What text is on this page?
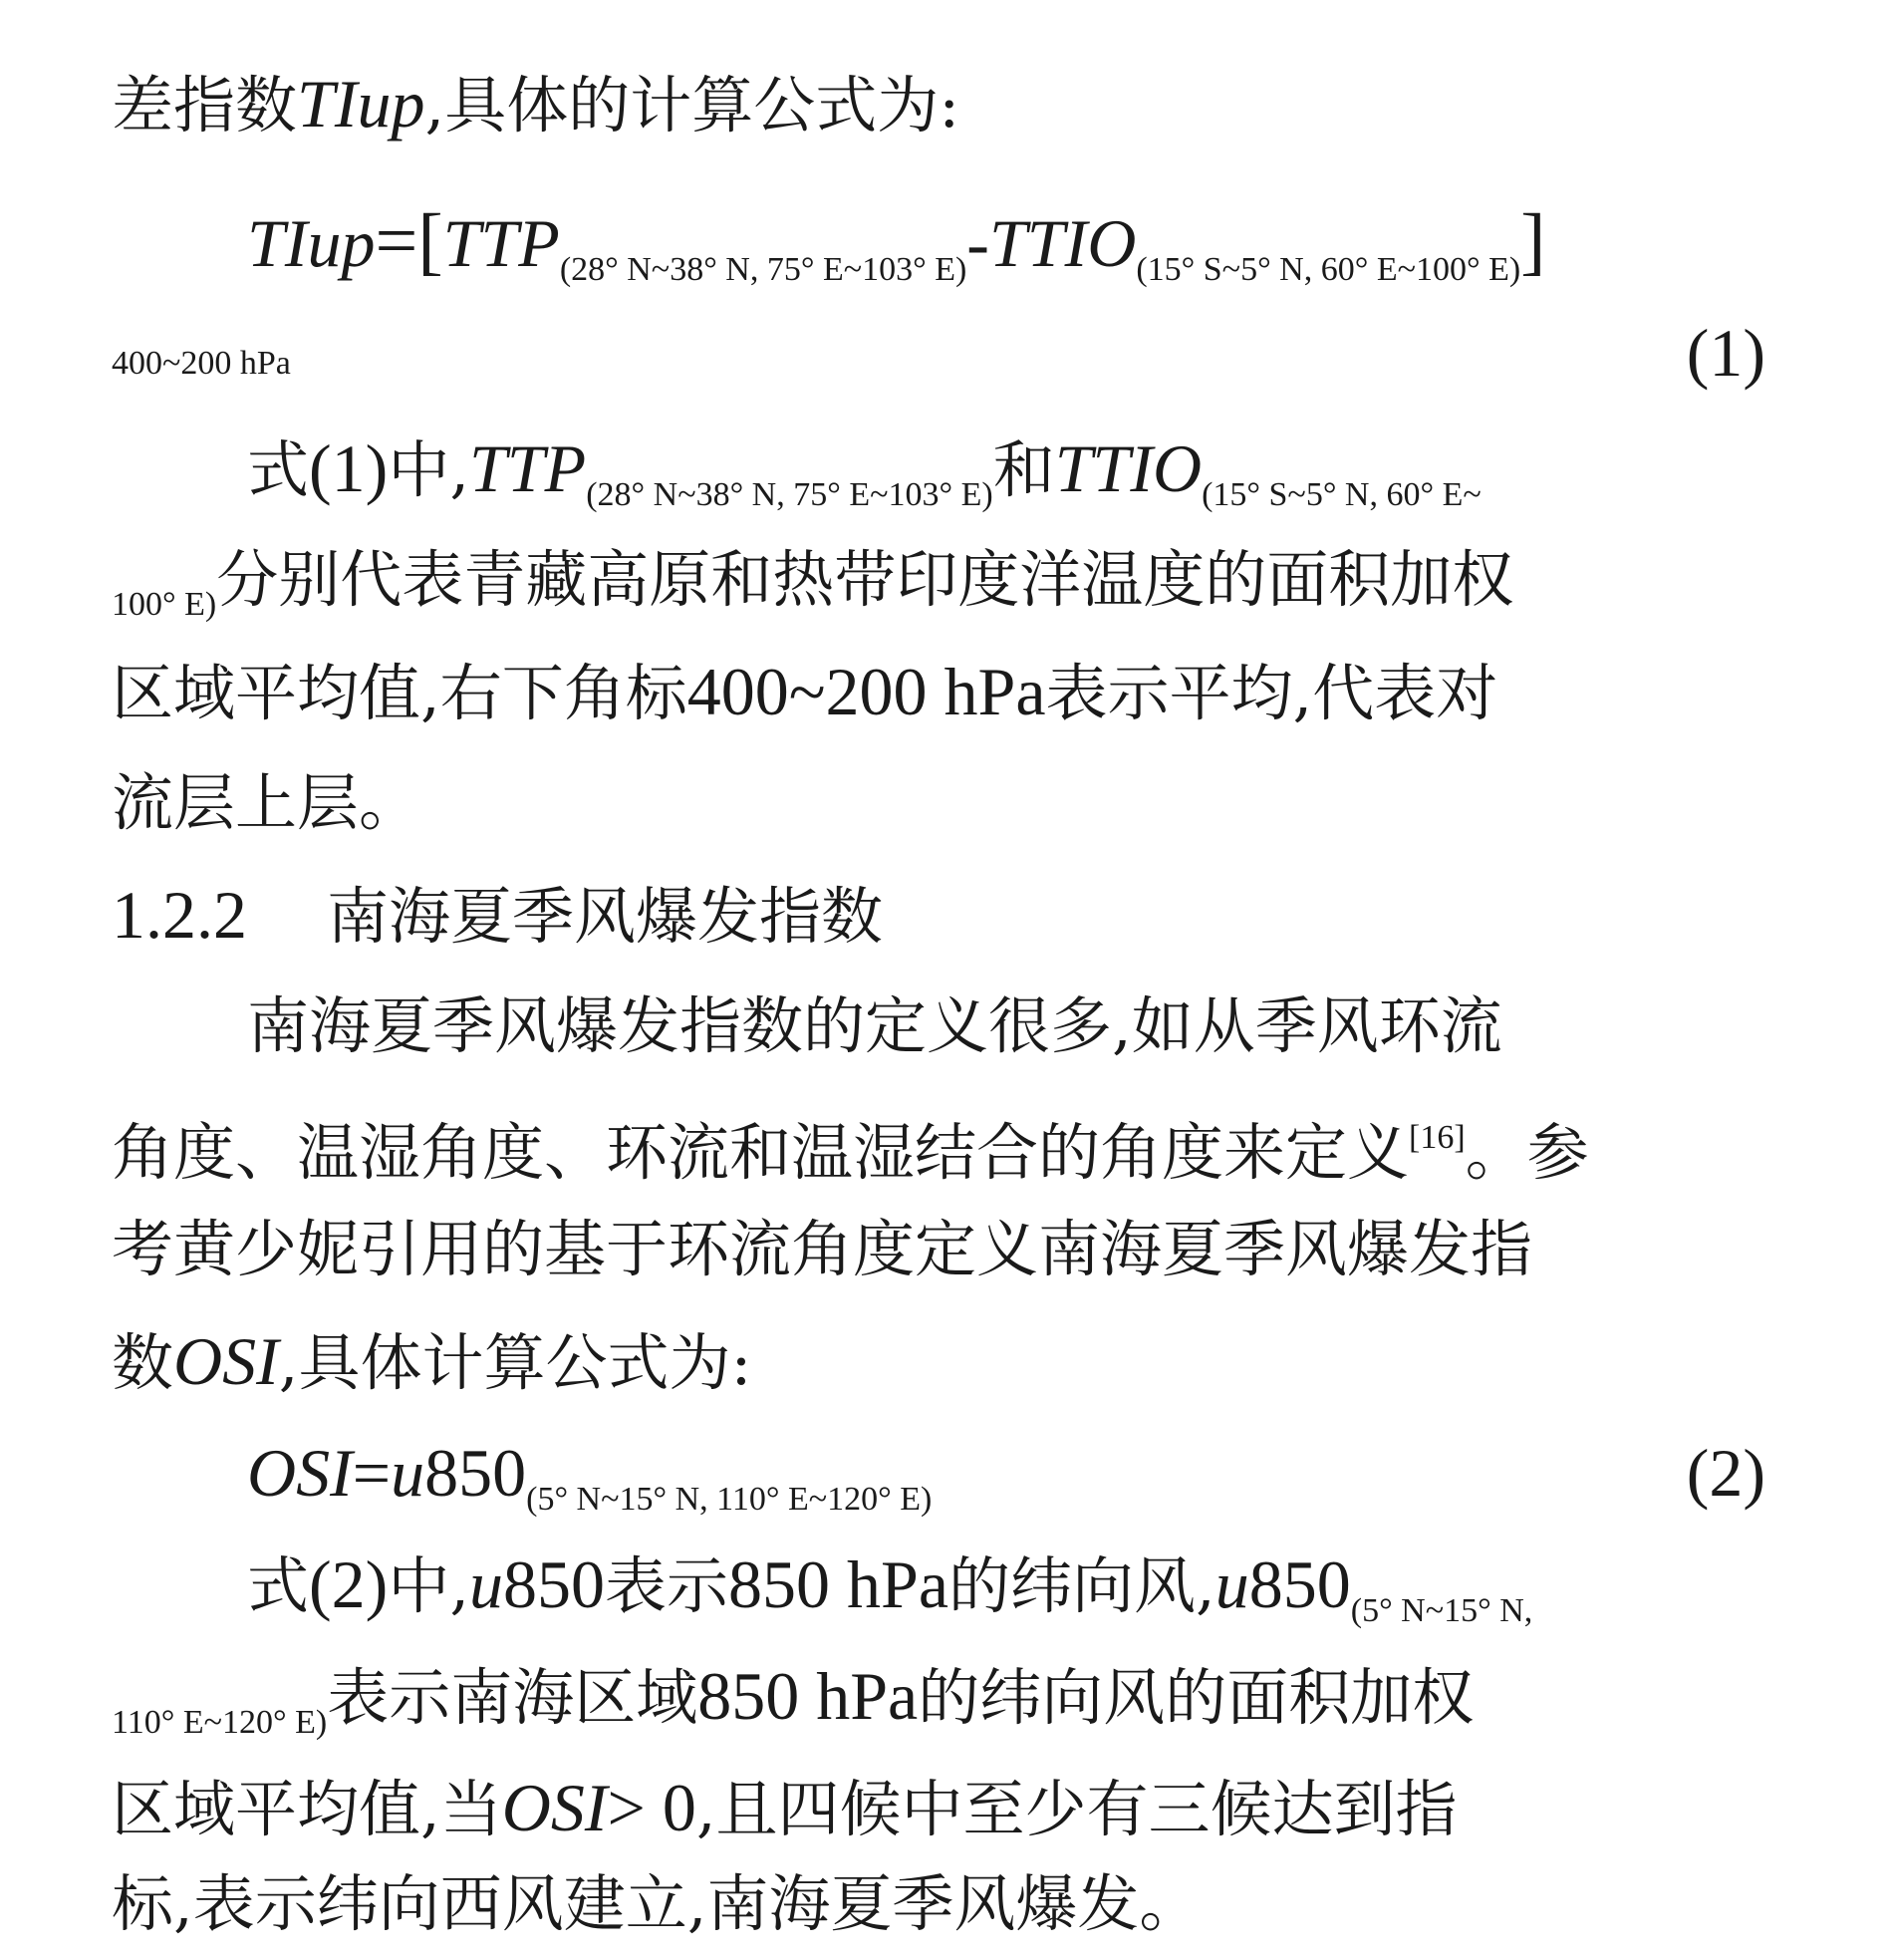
差指数TIup,具体的计算公式为:
$TIup=[TTP_{(28^\circ N\sim 38^\circ N, 75^\circ E\sim 103^\circ E)}-TTIO_{(15^\circ S\sim 5^\circ N, 60^\circ E\sim 100^\circ E)}]$
400~200 hPa	(1)
式(1)中$,TTP_{(28^\circ N\sim 38^\circ N, 75^\circ E\sim 103^\circ E)}$和$TTIO_{(15^\circ S\sim 5^\circ N, 60^\circ E\sim}$
$_{100^\circ E)}$分别代表青藏高原和热带印度洋温度的面积加权
区域平均值,右下角标400~200 hPa表示平均,代表对
流层上层。
1.2.2 南海夏季风爆发指数
南海夏季风爆发指数的定义很多,如从季风环流
角度、温湿角度、环流和温湿结合的角度来定义[16]。参
考黄少妮引用的基于环流角度定义南海夏季风爆发指
数OSI,具体计算公式为:
$OSI=u850_{(5^\circ N\sim 15^\circ N, 110^\circ E\sim 120^\circ E)}$	(2)
式(2)中,u850表示850 hPa的纬向风$,u850_{(5^\circ N\sim 15^\circ N,}$
$_{110^\circ E\sim 120^\circ E)}$表示南海区域850 hPa的纬向风的面积加权
区域平均值,当OSI> 0,且四候中至少有三候达到指
标,表示纬向西风建立,南海夏季风爆发。
